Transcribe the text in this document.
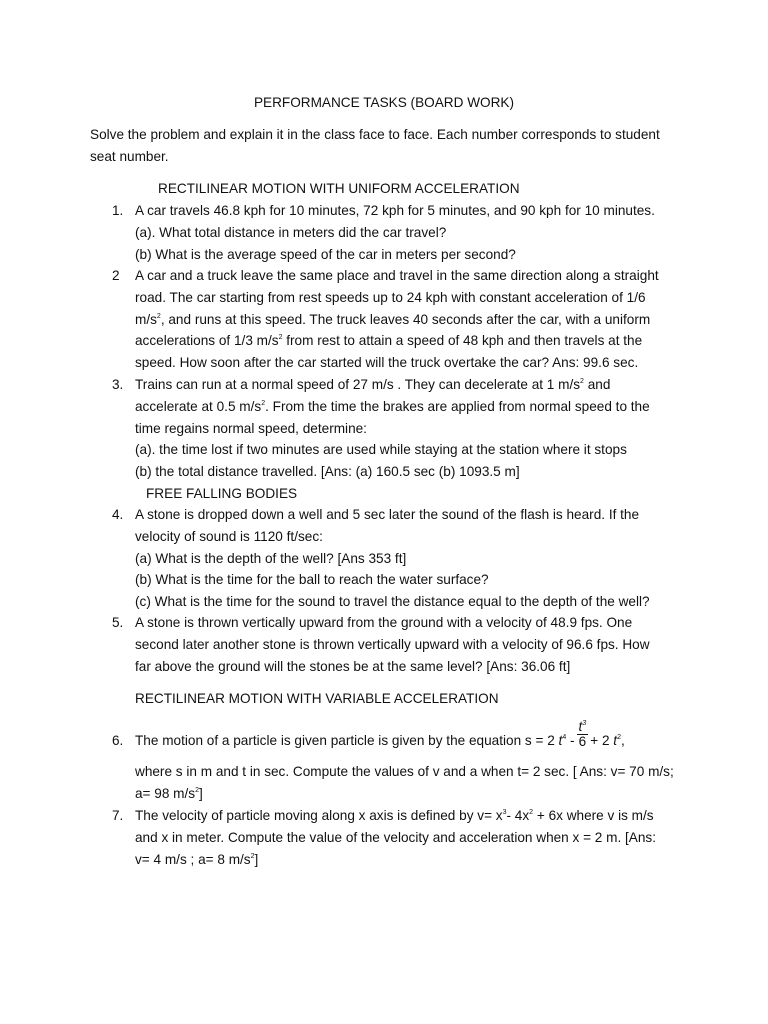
PERFORMANCE TASKS (BOARD WORK)
Solve the problem and explain it in the class face to face. Each number corresponds to student
seat number.
RECTILINEAR MOTION WITH UNIFORM ACCELERATION
1. A car travels 46.8 kph for 10 minutes, 72 kph for 5 minutes, and 90 kph for 10 minutes.
(a). What total distance in meters did the car travel?
(b) What is the average speed of the car in meters per second?
2 A car and a truck leave the same place and travel in the same direction along a straight
road. The car starting from rest speeds up to 24 kph with constant acceleration of 1/6
$m/s^2$, and runs at this speed. The truck leaves 40 seconds after the car, with a uniform
accelerations of 1/3 $m/s^2$ from rest to attain a speed of 48 kph and then travels at the
speed. How soon after the car started will the truck overtake the car? Ans: 99.6 sec.
3. Trains can run at a normal speed of 27 m/s . They can decelerate at 1 $m/s^2$ and
accelerate at 0.5 $m/s^2$. From the time the brakes are applied from normal speed to the
time regains normal speed, determine:
(a). the time lost if two minutes are used while staying at the station where it stops
(b) the total distance travelled. [Ans: (a) 160.5 sec (b) 1093.5 m]
FREE FALLING BODIES
4. A stone is dropped down a well and 5 sec later the sound of the flash is heard. If the
velocity of sound is 1120 ft/sec:
(a) What is the depth of the well? [Ans 353 ft]
(b) What is the time for the ball to reach the water surface?
(c) What is the time for the sound to travel the distance equal to the depth of the well?
5. A stone is thrown vertically upward from the ground with a velocity of 48.9 fps. One
second later another stone is thrown vertically upward with a velocity of 96.6 fps. How
far above the ground will the stones be at the same level? [Ans: 36.06 ft]
RECTILINEAR MOTION WITH VARIABLE ACCELERATION
6. The motion of a particle is given particle is given by the equation s = 2 $t^4 - \frac{t^3}{6} + 2$ $t^2$,
where s in m and t in sec. Compute the values of v and a when t= 2 sec. [ Ans: v= 70 m/s;
a= 98 $m/s^2$]
7. The velocity of particle moving along x axis is defined by $v= x^3-$ $4x^2 + 6x$ where v is m/s
and x in meter. Compute the value of the velocity and acceleration when x = 2 m. [Ans:
v= 4 m/s ; a= 8 $m/s^2$]
